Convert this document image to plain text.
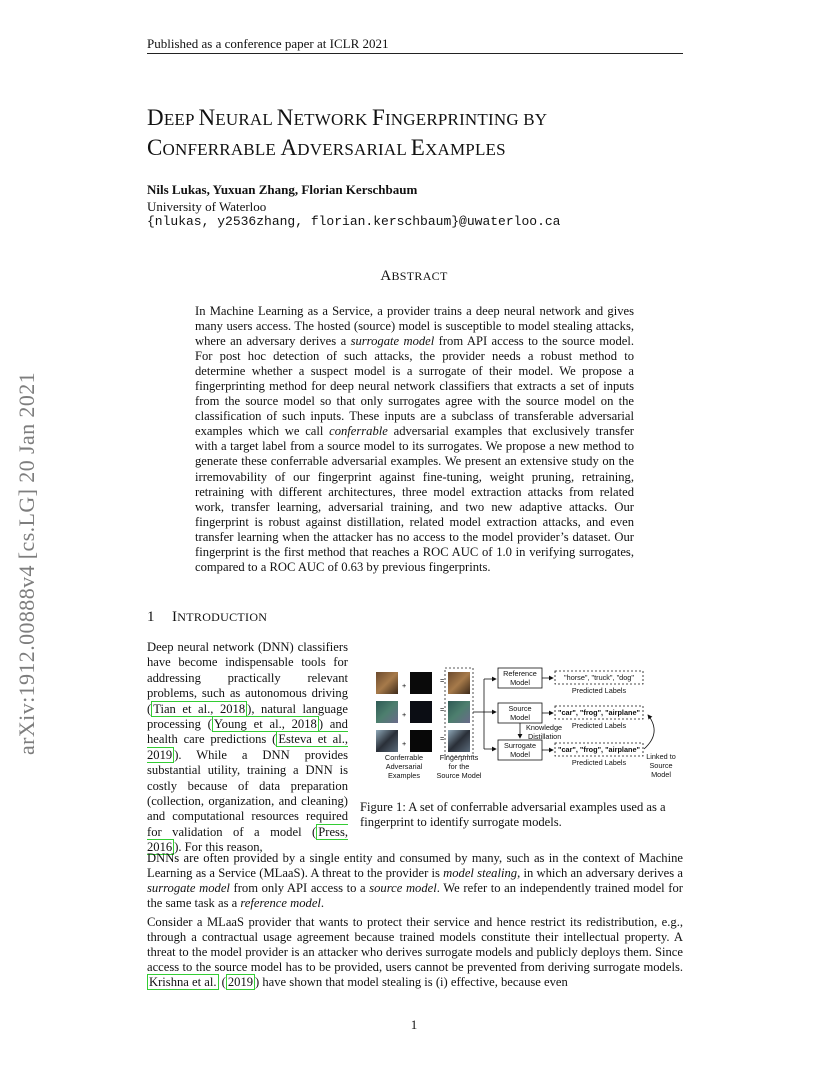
Published as a conference paper at ICLR 2021
DEEP NEURAL NETWORK FINGERPRINTING BY
CONFERRABLE ADVERSARIAL EXAMPLES
Nils Lukas, Yuxuan Zhang, Florian Kerschbaum
University of Waterloo
{nlukas, y2536zhang, florian.kerschbaum}@uwaterloo.ca
ABSTRACT
In Machine Learning as a Service, a provider trains a deep neural network and gives many users access. The hosted (source) model is susceptible to model stealing attacks, where an adversary derives a surrogate model from API access to the source model. For post hoc detection of such attacks, the provider needs a robust method to determine whether a suspect model is a surrogate of their model. We propose a fingerprinting method for deep neural network classifiers that extracts a set of inputs from the source model so that only surrogates agree with the source model on the classification of such inputs. These inputs are a subclass of transferable adversarial examples which we call conferrable adversarial examples that exclusively transfer with a target label from a source model to its surrogates. We propose a new method to generate these conferrable adversarial examples. We present an extensive study on the irremovability of our fingerprint against fine-tuning, weight pruning, retraining, retraining with different architectures, three model extraction attacks from related work, transfer learning, adversarial training, and two new adaptive attacks. Our fingerprint is robust against distillation, related model extraction attacks, and even transfer learning when the attacker has no access to the model provider’s dataset. Our fingerprint is the first method that reaches a ROC AUC of 1.0 in verifying surrogates, compared to a ROC AUC of 0.63 by previous fingerprints.
arXiv:1912.00888v4 [cs.LG] 20 Jan 2021	1 INTRODUCTION
Deep neural network (DNN) classifiers have become indispensable tools for addressing practically relevant problems, such as autonomous driving ( Tian et al., 2018 ), natural language processing ( Young et al., 2018 ) and health care predictions ( Esteva et al., 2019 ). While a DNN provides substantial utility, training a DNN is costly because of data preparation (collection, organization, and cleaning) and computational resources required for validation of a model ( Press, 2016 ). For this reason,
+
=
+
=
+
=
Reference
Model
Source
Model
Surrogate
Model
Knowledge
Distillation
"horse", "truck", "dog"
Predicted Labels
"car", "frog", "airplane"
Predicted Labels
"car", "frog", "airplane"
Predicted Labels
Linked to
Source
Model
Conferrable
Adversarial
Examples
Fingerprints
for the
Source Model
Figure 1: A set of conferrable adversarial examples used as a fingerprint to identify surrogate models.
DNNs are often provided by a single entity and consumed by many, such as in the context of Machine Learning as a Service (MLaaS). A threat to the provider is model stealing, in which an adversary derives a surrogate model from only API access to a source model. We refer to an independently trained model for the same task as a reference model.
Consider a MLaaS provider that wants to protect their service and hence restrict its redistribution, e.g., through a contractual usage agreement because trained models constitute their intellectual property. A threat to the model provider is an attacker who derives surrogate models and publicly deploys them. Since access to the source model has to be provided, users cannot be prevented from deriving surrogate models. Krishna et al. ( 2019 ) have shown that model stealing is (i) effective, because even
1
